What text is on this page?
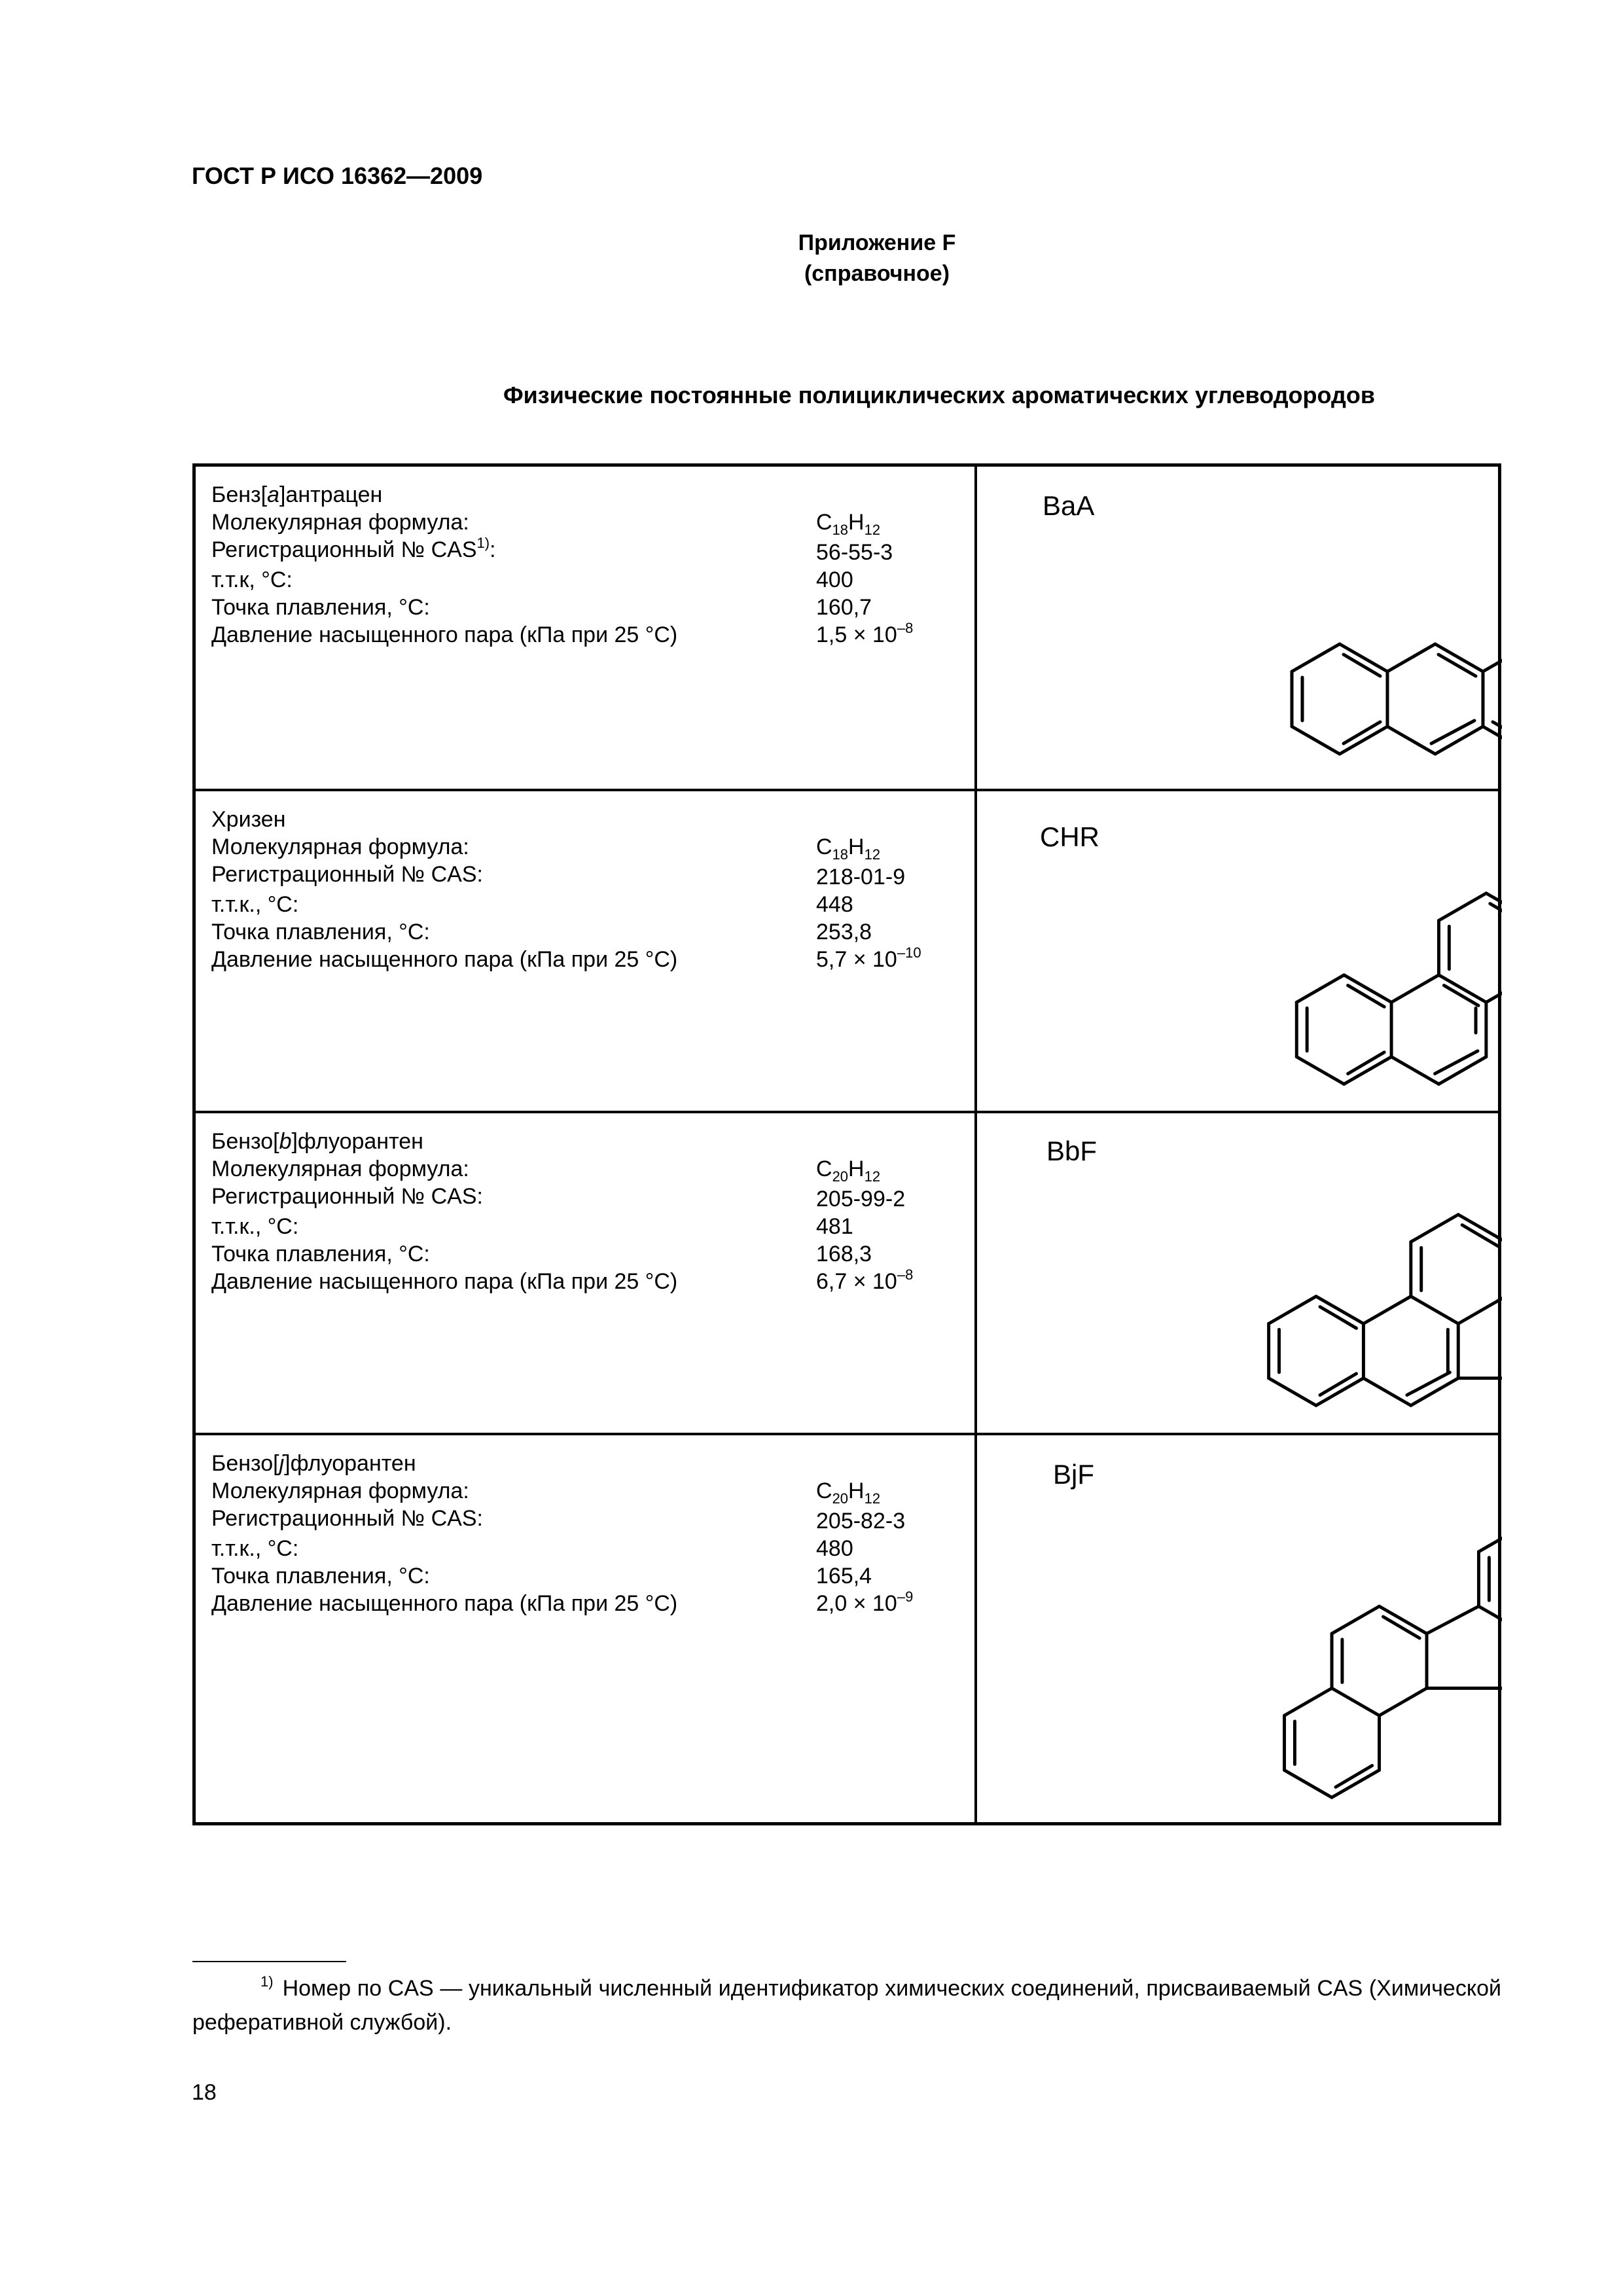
ГОСТ Р ИСО 16362—2009
Приложение F
(справочное)
Физические постоянные полициклических ароматических углеводородов
Бенз[a]антрацен
Молекулярная формула:
Регистрационный № CAS$^{1)}$:
т.т.к, °С:
Точка плавления, °С:
Давление насыщенного пара (кПа при 25 °С)
$C_{18}H_{12}$
56-55-3
400
160,7
$1,5 \times 10^{-8}$
BaA
Хризен
Молекулярная формула:
Регистрационный № CAS:
т.т.к., °С:
Точка плавления, °С:
Давление насыщенного пара (кПа при 25 °С)
$C_{18}H_{12}$
218-01-9
448
253,8
$5,7 \times 10^{-10}$
CHR
Бензо[b]флуорантен
Молекулярная формула:
Регистрационный № CAS:
т.т.к., °С:
Точка плавления, °С:
Давление насыщенного пара (кПа при 25 °С)
$C_{20}H_{12}$
205-99-2
481
168,3
$6,7 \times 10^{-8}$
BbF
Бензо[j]флуорантен
Молекулярная формула:
Регистрационный № CAS:
т.т.к., °С:
Точка плавления, °С:
Давление насыщенного пара (кПа при 25 °С)
$C_{20}H_{12}$
205-82-3
480
165,4
$2,0 \times 10^{-9}$
BjF
$^{1)}$ Номер по CAS — уникальный численный идентификатор химических соединений, присваиваемый CAS (Химической реферативной службой).
18
